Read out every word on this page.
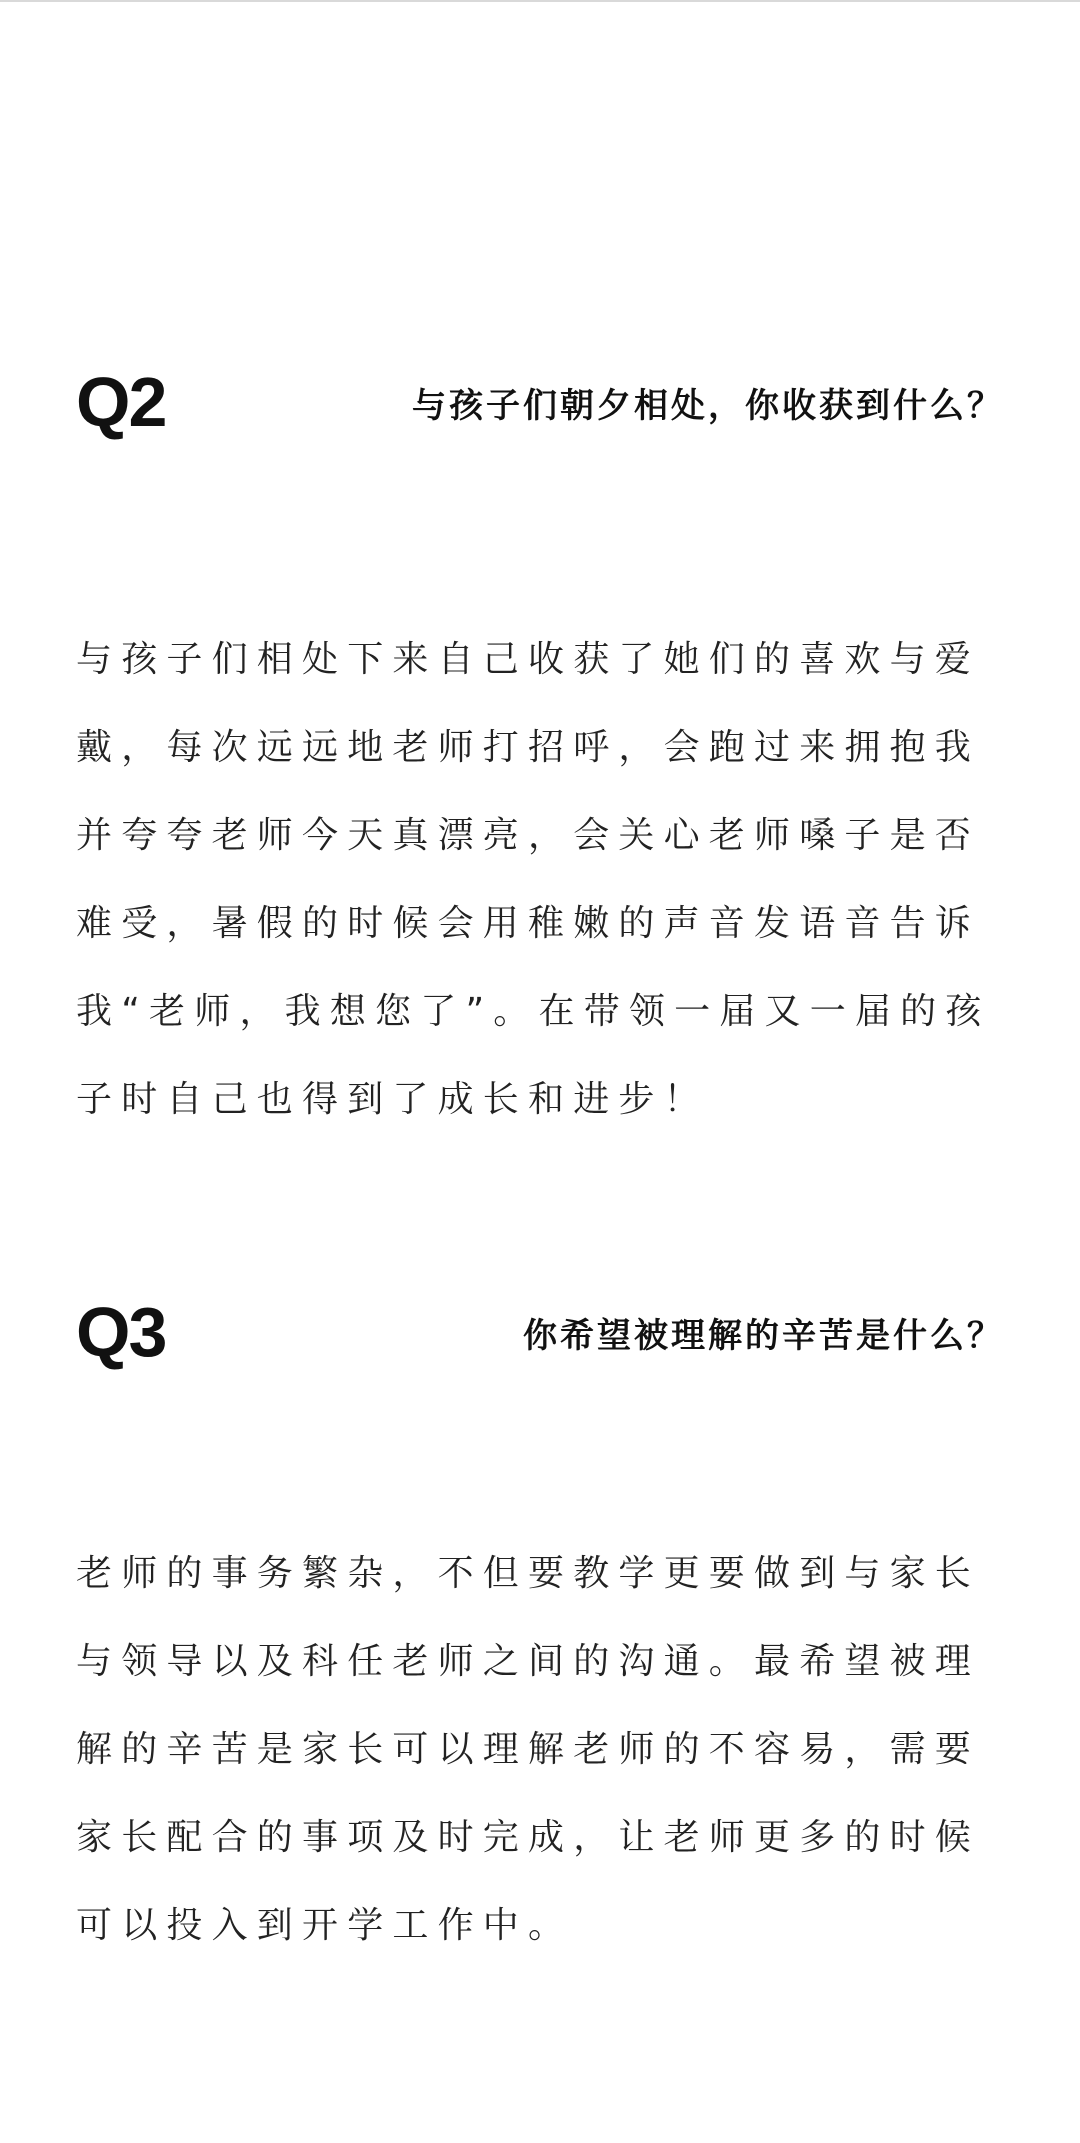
Q2	与孩子们朝夕相处，你收获到什么？

与孩子们相处下来自己收获了她们的喜欢与爱戴，每次远远地老师打招呼，会跑过来拥抱我并夸夸老师今天真漂亮，会关心老师嗓子是否难受，暑假的时候会用稚嫩的声音发语音告诉我“老师，我想您了”。在带领一届又一届的孩子时自己也得到了成长和进步！

Q3	你希望被理解的辛苦是什么？

老师的事务繁杂，不但要教学更要做到与家长与领导以及科任老师之间的沟通。最希望被理解的辛苦是家长可以理解老师的不容易，需要家长配合的事项及时完成，让老师更多的时候可以投入到开学工作中。
